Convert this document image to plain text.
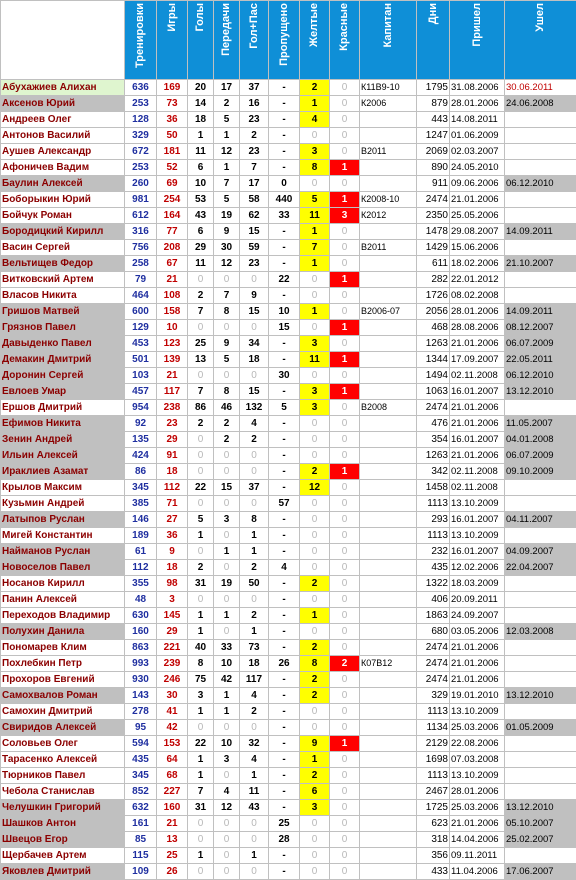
	Тренировки	Игры	Голы	Передачи	Гол+Пас	Пропущено	Желтые	Красные	Капитан	Дни	Пришел	Ушел
Абухажиев Алихан	636	169	20	17	37	-	2	0	К11В9-10	1795	31.08.2006	30.06.2011
Аксенов Юрий	253	73	14	2	16	-	1	0	К2006	879	28.01.2006	24.06.2008
Андреев Олег	128	36	18	5	23	-	4	0		443	14.08.2011	
Антонов Василий	329	50	1	1	2	-	0	0		1247	01.06.2009	
Аушев Александр	672	181	11	12	23	-	3	0	В2011	2069	02.03.2007	
Афоничев Вадим	253	52	6	1	7	-	8	1		890	24.05.2010	
Баулин Алексей	260	69	10	7	17	0	0	0		911	09.06.2006	06.12.2010
Боборыкин Юрий	981	254	53	5	58	440	5	1	К2008-10	2474	21.01.2006	
Бойчук Роман	612	164	43	19	62	33	11	3	К2012	2350	25.05.2006	
Бородицкий Кирилл	316	77	6	9	15	-	1	0		1478	29.08.2007	14.09.2011
Васин Сергей	756	208	29	30	59	-	7	0	В2011	1429	15.06.2006	
Вельтищев Федор	258	67	11	12	23	-	1	0		611	18.02.2006	21.10.2007
Витковский Артем	79	21	0	0	0	22	0	1		282	22.01.2012	
Власов Никита	464	108	2	7	9	-	0	0		1726	08.02.2008	
Гришов Матвей	600	158	7	8	15	10	1	0	В2006-07	2056	28.01.2006	14.09.2011
Грязнов Павел	129	10	0	0	0	15	0	1		468	28.08.2006	08.12.2007
Давыденко Павел	453	123	25	9	34	-	3	0		1263	21.01.2006	06.07.2009
Демакин Дмитрий	501	139	13	5	18	-	11	1		1344	17.09.2007	22.05.2011
Доронин Сергей	103	21	0	0	0	30	0	0		1494	02.11.2008	06.12.2010
Евлоев Умар	457	117	7	8	15	-	3	1		1063	16.01.2007	13.12.2010
Ершов Дмитрий	954	238	86	46	132	5	3	0	В2008	2474	21.01.2006	
Ефимов Никита	92	23	2	2	4	-	0	0		476	21.01.2006	11.05.2007
Зенин Андрей	135	29	0	2	2	-	0	0		354	16.01.2007	04.01.2008
Ильин Алексей	424	91	0	0	0	-	0	0		1263	21.01.2006	06.07.2009
Ираклиев Азамат	86	18	0	0	0	-	2	1		342	02.11.2008	09.10.2009
Крылов Максим	345	112	22	15	37	-	12	0		1458	02.11.2008	
Кузьмин Андрей	385	71	0	0	0	57	0	0		1113	13.10.2009	
Латыпов Руслан	146	27	5	3	8	-	0	0		293	16.01.2007	04.11.2007
Мигей Константин	189	36	1	0	1	-	0	0		1113	13.10.2009	
Найманов Руслан	61	9	0	1	1	-	0	0		232	16.01.2007	04.09.2007
Новоселов Павел	112	18	2	0	2	4	0	0		435	12.02.2006	22.04.2007
Носанов Кирилл	355	98	31	19	50	-	2	0		1322	18.03.2009	
Панин Алексей	48	3	0	0	0	-	0	0		406	20.09.2011	
Переходов Владимир	630	145	1	1	2	-	1	0		1863	24.09.2007	
Полухин Данила	160	29	1	0	1	-	0	0		680	03.05.2006	12.03.2008
Пономарев Клим	863	221	40	33	73	-	2	0		2474	21.01.2006	
Похлебкин Петр	993	239	8	10	18	26	8	2	К07В12	2474	21.01.2006	
Прохоров Евгений	930	246	75	42	117	-	2	0		2474	21.01.2006	
Самохвалов Роман	143	30	3	1	4	-	2	0		329	19.01.2010	13.12.2010
Самохин Дмитрий	278	41	1	1	2	-	0	0		1113	13.10.2009	
Свиридов Алексей	95	42	0	0	0	-	0	0		1134	25.03.2006	01.05.2009
Соловьев Олег	594	153	22	10	32	-	9	1		2129	22.08.2006	
Тарасенко Алексей	435	64	1	3	4	-	1	0		1698	07.03.2008	
Тюрников Павел	345	68	1	0	1	-	2	0		1113	13.10.2009	
Чебола Станислав	852	227	7	4	11	-	6	0		2467	28.01.2006	
Челушкин Григорий	632	160	31	12	43	-	3	0		1725	25.03.2006	13.12.2010
Шашков Антон	161	21	0	0	0	25	0	0		623	21.01.2006	05.10.2007
Швецов Егор	85	13	0	0	0	28	0	0		318	14.04.2006	25.02.2007
Щербачев Артем	115	25	1	0	1	-	0	0		356	09.11.2011	
Яковлев Дмитрий	109	26	0	0	0	-	0	0		433	11.04.2006	17.06.2007
